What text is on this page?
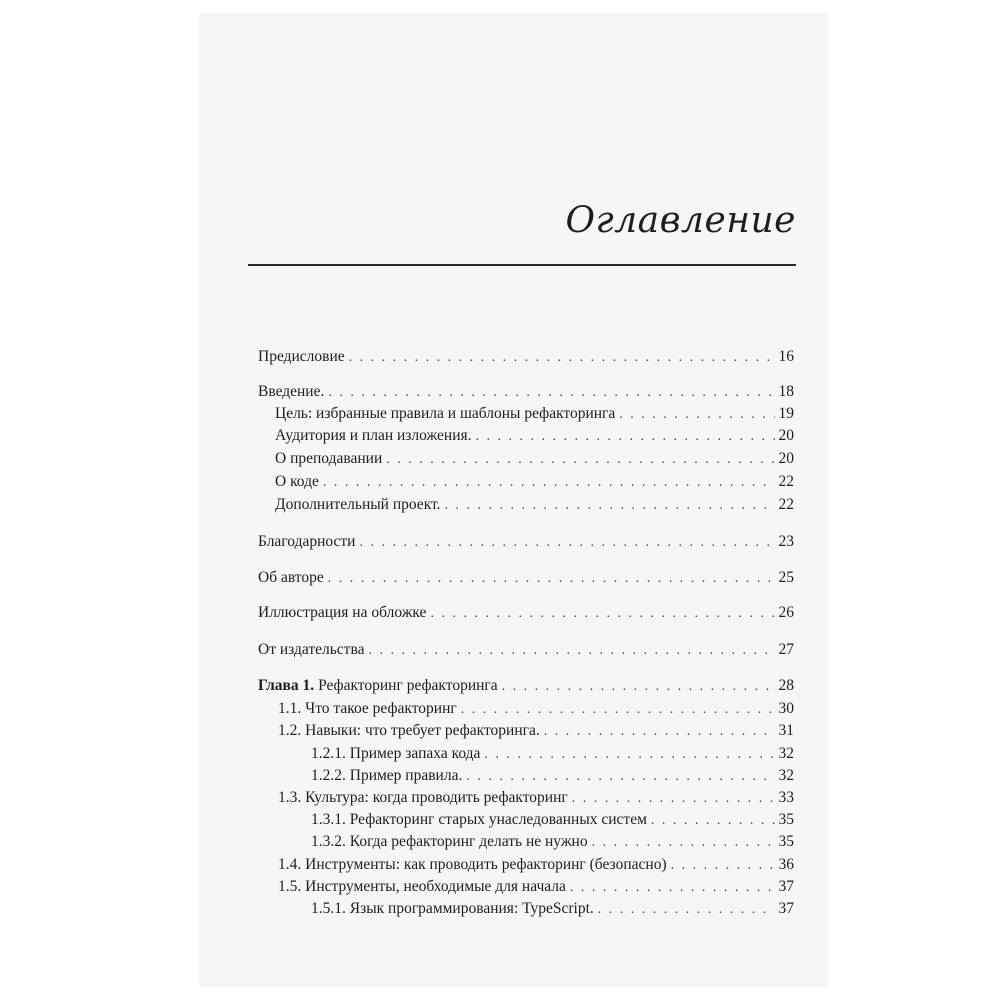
Оглавление
Предисловие . . .	16
Введение. . . .	18
Цель: избранные правила и шаблоны рефакторинга . . .	19
Аудитория и план изложения. . . .	20
О преподавании . . .	20
О коде . . .	22
Дополнительный проект. . . .	22
Благодарности . . .	23
Об авторе . . .	25
Иллюстрация на обложке . . .	26
От издательства . . .	27
Глава 1. Рефакторинг рефакторинга . . .	28
1.1. Что такое рефакторинг . . .	30
1.2. Навыки: что требует рефакторинга. . . .	31
1.2.1. Пример запаха кода . . .	32
1.2.2. Пример правила. . . .	32
1.3. Культура: когда проводить рефакторинг . . .	33
1.3.1. Рефакторинг старых унаследованных систем . . .	35
1.3.2. Когда рефакторинг делать не нужно . . .	35
1.4. Инструменты: как проводить рефакторинг (безопасно) . . .	36
1.5. Инструменты, необходимые для начала . . .	37
1.5.1. Язык программирования: TypeScript. . . .	37
